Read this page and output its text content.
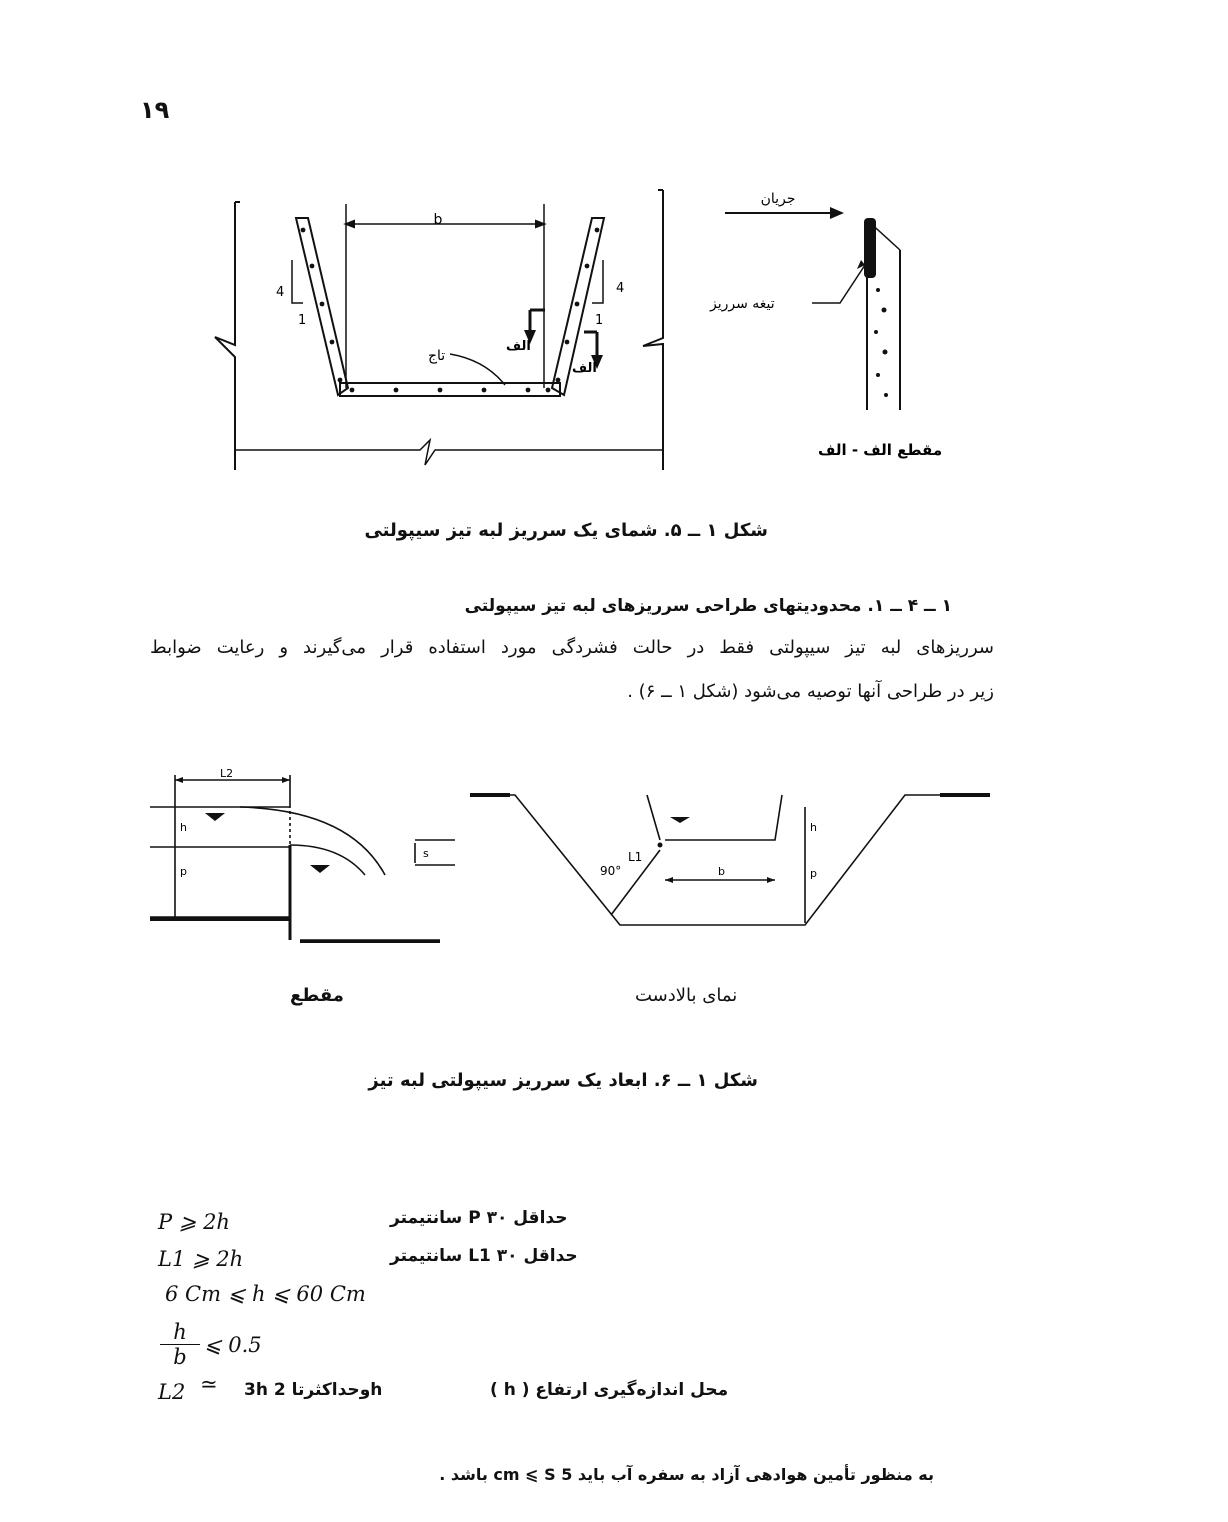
۱۹
b
4
1
4
1
الف
الف
تاج
جریان
تیغه سرریز
مقطع الف - الف
شکل ۱ ــ ۵. شمای یک سرریز لبه تیز سیپولتی
۱ ــ ۴ ــ ۱. محدودیتهای طراحی سرریزهای لبه تیز سیپولتی
سرریزهای لبه تیز سیپولتی فقط در حالت فشردگی مورد استفاده قرار می‌گیرند و رعایت ضوابط
زیر در طراحی آنها توصیه می‌شود (شکل ۱ ــ ۶) .
L2
h
p
s
b
h
p
90°
L1
مقطع	نمای بالادست
شکل ۱ ــ ۶. ابعاد یک سرریز سیپولتی لبه تیز
P ⩾ 2h
L1 ⩾ 2h
6 Cm ⩽ h ⩽ 60 Cm
$\frac{h}{b}$ ⩽ 0.5
L2 ≃ 3h وحداکثرتا 2h
حداقل P ۳۰ سانتیمتر
حداقل L1 ۳۰ سانتیمتر
محل اندازه‌گیری ارتفاع ( h )
به منظور تأمین هوادهی آزاد به سفره آب باید 5 cm ⩽ S باشد .
